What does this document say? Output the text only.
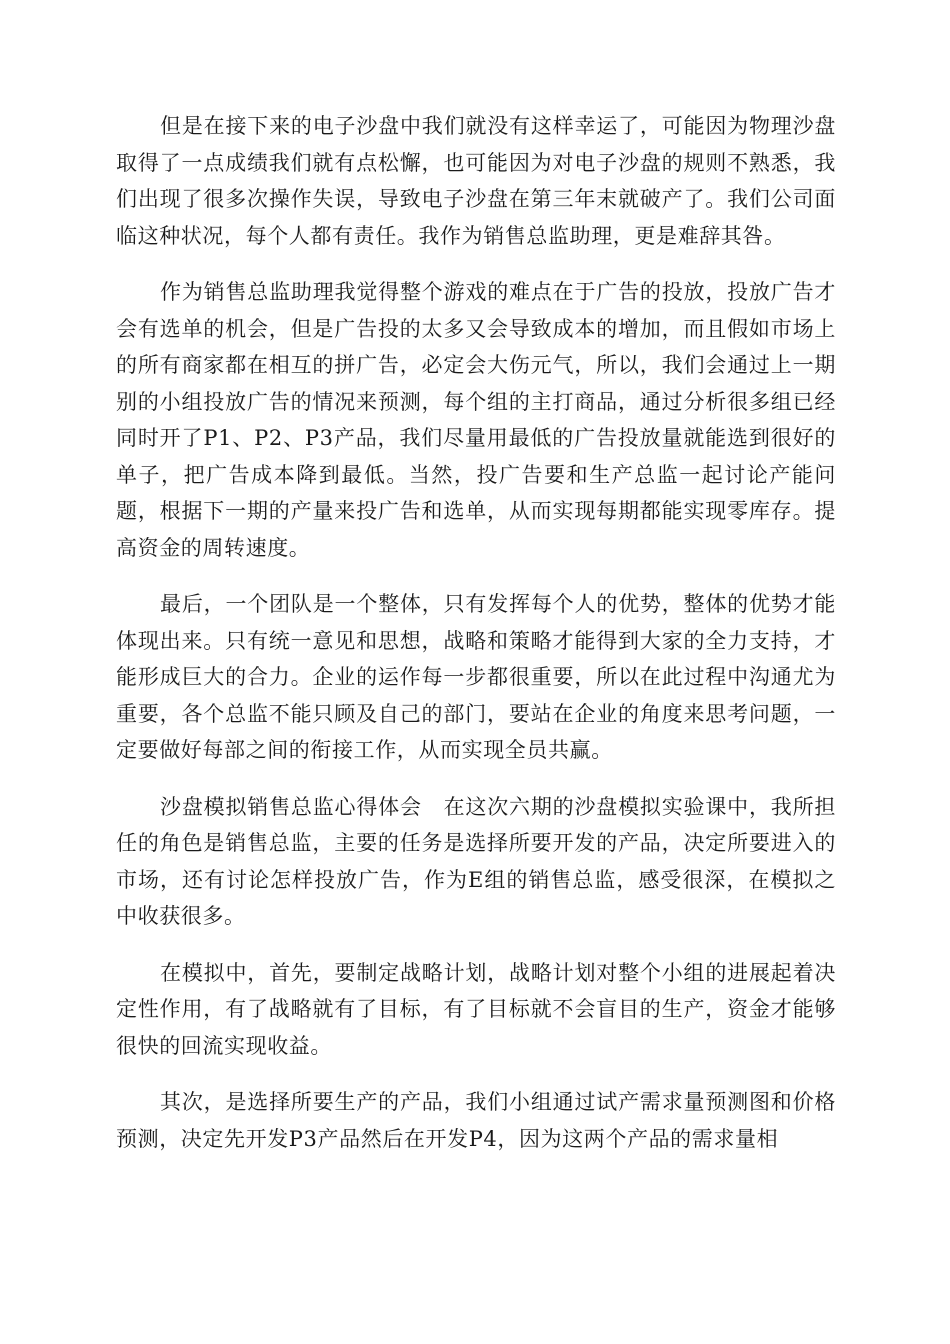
但是在接下来的电子沙盘中我们就没有这样幸运了，可能因为物理沙盘取得了一点成绩我们就有点松懈，也可能因为对电子沙盘的规则不熟悉，我们出现了很多次操作失误，导致电子沙盘在第三年末就破产了。我们公司面临这种状况，每个人都有责任。我作为销售总监助理，更是难辞其咎。

作为销售总监助理我觉得整个游戏的难点在于广告的投放，投放广告才会有选单的机会，但是广告投的太多又会导致成本的增加，而且假如市场上的所有商家都在相互的拼广告，必定会大伤元气，所以，我们会通过上一期别的小组投放广告的情况来预测，每个组的主打商品，通过分析很多组已经同时开了P1、P2、P3产品，我们尽量用最低的广告投放量就能选到很好的单子，把广告成本降到最低。当然，投广告要和生产总监一起讨论产能问题，根据下一期的产量来投广告和选单，从而实现每期都能实现零库存。提高资金的周转速度。

最后，一个团队是一个整体，只有发挥每个人的优势，整体的优势才能体现出来。只有统一意见和思想，战略和策略才能得到大家的全力支持，才能形成巨大的合力。企业的运作每一步都很重要，所以在此过程中沟通尤为重要，各个总监不能只顾及自己的部门，要站在企业的角度来思考问题，一定要做好每部之间的衔接工作，从而实现全员共赢。

沙盘模拟销售总监心得体会　在这次六期的沙盘模拟实验课中，我所担任的角色是销售总监，主要的任务是选择所要开发的产品，决定所要进入的市场，还有讨论怎样投放广告，作为E组的销售总监，感受很深，在模拟之中收获很多。

在模拟中，首先，要制定战略计划，战略计划对整个小组的进展起着决定性作用，有了战略就有了目标，有了目标就不会盲目的生产，资金才能够很快的回流实现收益。

其次，是选择所要生产的产品，我们小组通过试产需求量预测图和价格预测，决定先开发P3产品然后在开发P4，因为这两个产品的需求量相
